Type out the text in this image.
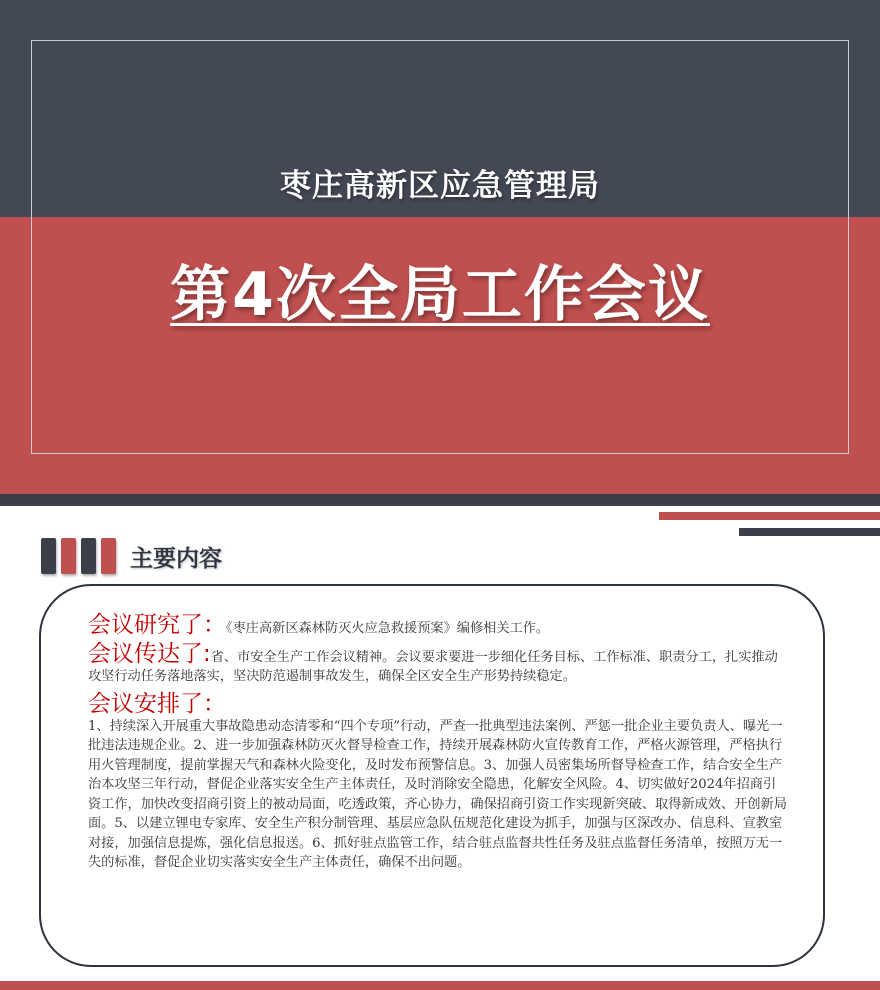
枣庄高新区应急管理局
第4次全局工作会议
主要内容
会议研究了：《枣庄高新区森林防灭火应急救援预案》编修相关工作。
会议传达了:省、市安全生产工作会议精神。会议要求要进一步细化任务目标、工作标准、职责分工，扎实推动攻坚行动任务落地落实，坚决防范遏制事故发生，确保全区安全生产形势持续稳定。
会议安排了：
1、持续深入开展重大事故隐患动态清零和“四个专项”行动，严查一批典型违法案例、严惩一批企业主要负责人、曝光一批违法违规企业。2、进一步加强森林防灭火督导检查工作，持续开展森林防火宣传教育工作，严格火源管理，严格执行用火管理制度，提前掌握天气和森林火险变化，及时发布预警信息。3、加强人员密集场所督导检查工作，结合安全生产治本攻坚三年行动，督促企业落实安全生产主体责任，及时消除安全隐患，化解安全风险。4、切实做好2024年招商引资工作，加快改变招商引资上的被动局面，吃透政策，齐心协力，确保招商引资工作实现新突破、取得新成效、开创新局面。5、以建立锂电专家库、安全生产积分制管理、基层应急队伍规范化建设为抓手，加强与区深改办、信息科、宣教室对接，加强信息提炼，强化信息报送。6、抓好驻点监管工作，结合驻点监督共性任务及驻点监督任务清单，按照万无一失的标准，督促企业切实落实安全生产主体责任，确保不出问题。
